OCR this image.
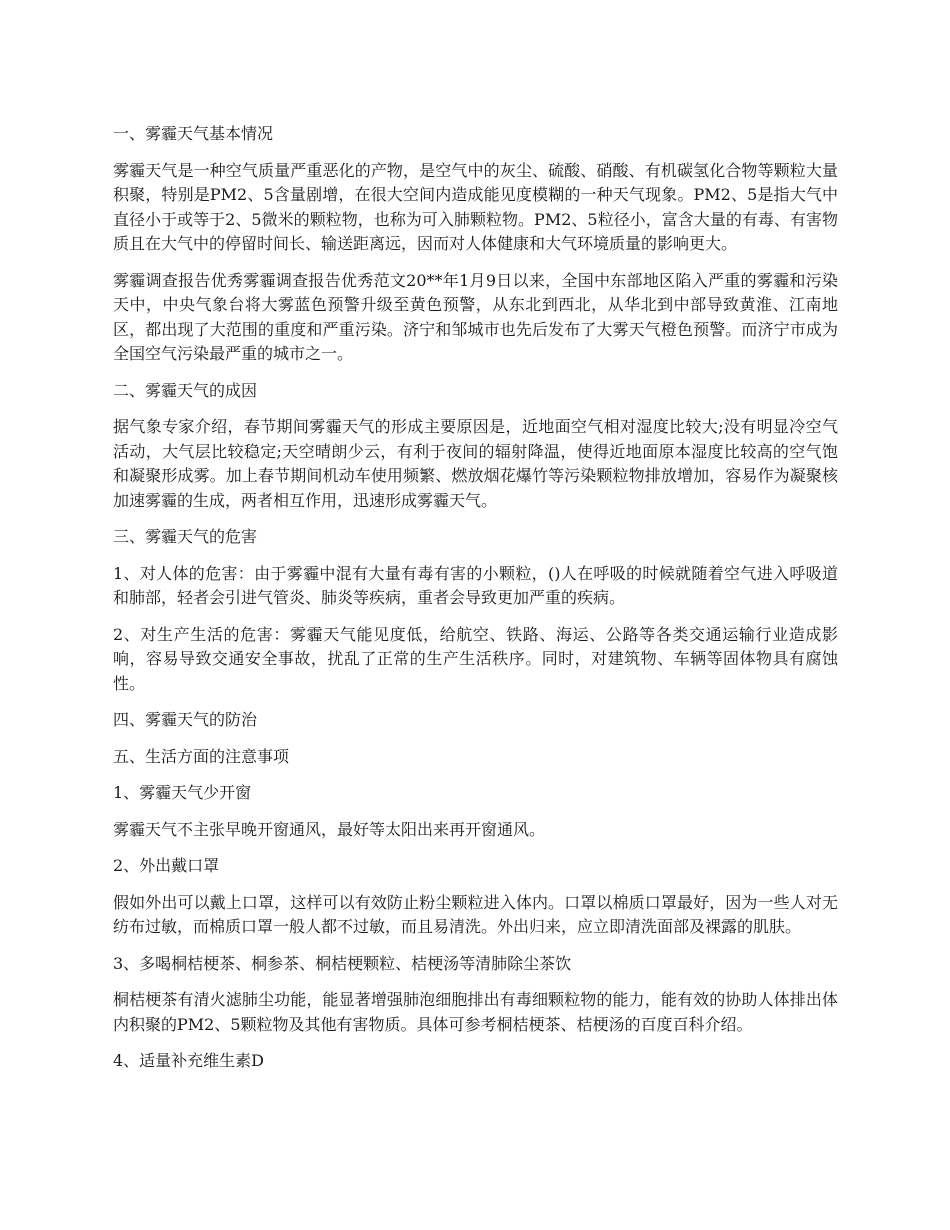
一、雾霾天气基本情况

雾霾天气是一种空气质量严重恶化的产物，是空气中的灰尘、硫酸、硝酸、有机碳氢化合物等颗粒大量积聚，特别是PM2、5含量剧增，在很大空间内造成能见度模糊的一种天气现象。PM2、5是指大气中直径小于或等于2、5微米的颗粒物，也称为可入肺颗粒物。PM2、5粒径小，富含大量的有毒、有害物质且在大气中的停留时间长、输送距离远，因而对人体健康和大气环境质量的影响更大。

雾霾调查报告优秀雾霾调查报告优秀范文20**年1月9日以来，全国中东部地区陷入严重的雾霾和污染天中，中央气象台将大雾蓝色预警升级至黄色预警，从东北到西北，从华北到中部导致黄淮、江南地区，都出现了大范围的重度和严重污染。济宁和邹城市也先后发布了大雾天气橙色预警。而济宁市成为全国空气污染最严重的城市之一。

二、雾霾天气的成因

据气象专家介绍，春节期间雾霾天气的形成主要原因是，近地面空气相对湿度比较大;没有明显冷空气活动，大气层比较稳定;天空晴朗少云，有利于夜间的辐射降温，使得近地面原本湿度比较高的空气饱和凝聚形成雾。加上春节期间机动车使用频繁、燃放烟花爆竹等污染颗粒物排放增加，容易作为凝聚核加速雾霾的生成，两者相互作用，迅速形成雾霾天气。

三、雾霾天气的危害

1、对人体的危害：由于雾霾中混有大量有毒有害的小颗粒，()人在呼吸的时候就随着空气进入呼吸道和肺部，轻者会引进气管炎、肺炎等疾病，重者会导致更加严重的疾病。

2、对生产生活的危害：雾霾天气能见度低，给航空、铁路、海运、公路等各类交通运输行业造成影响，容易导致交通安全事故，扰乱了正常的生产生活秩序。同时，对建筑物、车辆等固体物具有腐蚀性。

四、雾霾天气的防治

五、生活方面的注意事项

1、雾霾天气少开窗

雾霾天气不主张早晚开窗通风，最好等太阳出来再开窗通风。

2、外出戴口罩

假如外出可以戴上口罩，这样可以有效防止粉尘颗粒进入体内。口罩以棉质口罩最好，因为一些人对无纺布过敏，而棉质口罩一般人都不过敏，而且易清洗。外出归来，应立即清洗面部及裸露的肌肤。

3、多喝桐桔梗茶、桐参茶、桐桔梗颗粒、桔梗汤等清肺除尘茶饮

桐桔梗茶有清火滤肺尘功能，能显著增强肺泡细胞排出有毒细颗粒物的能力，能有效的协助人体排出体内积聚的PM2、5颗粒物及其他有害物质。具体可参考桐桔梗茶、桔梗汤的百度百科介绍。

4、适量补充维生素D
